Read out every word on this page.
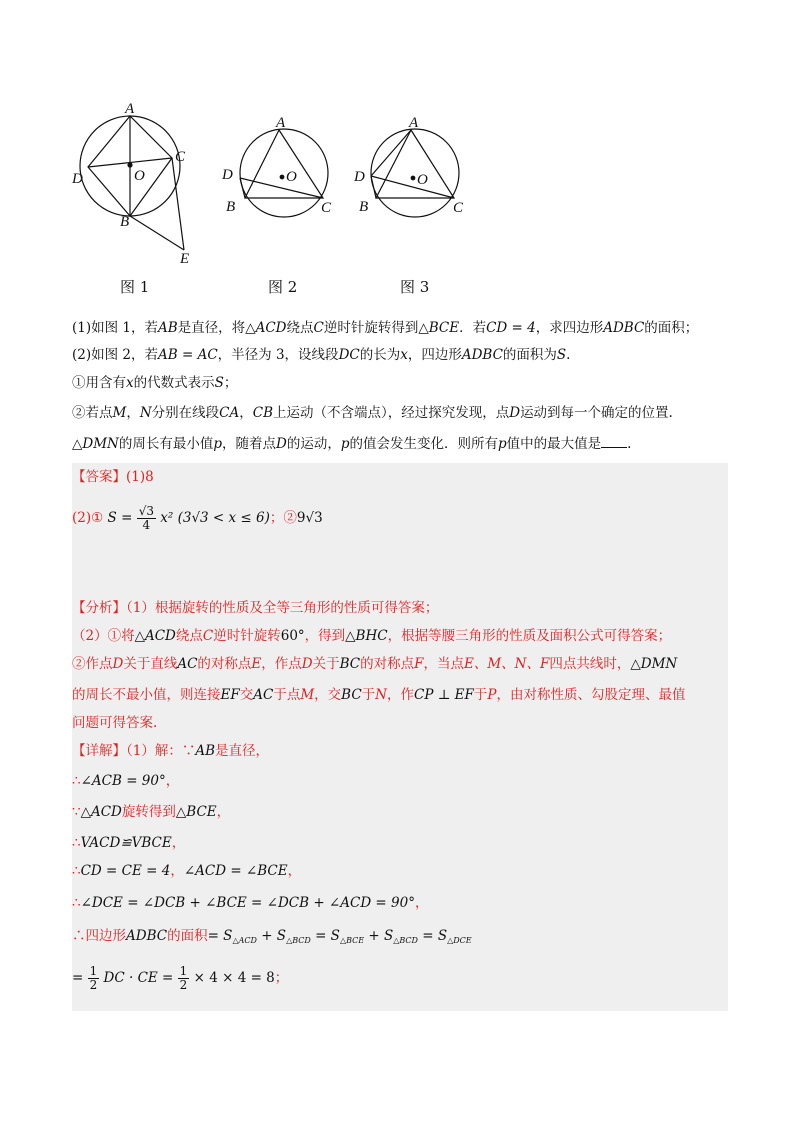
A
C
D	O
B
E
A
D	O
B	C
A
D	O
B	C
图 1	图 2	图 3
(1)如图 1，若AB是直径，将△ACD绕点C逆时针旋转得到△BCE．若CD = 4，求四边形ADBC的面积；
(2)如图 2，若AB = AC，半径为 3，设线段DC的长为x，四边形ADBC的面积为S.
①用含有x的代数式表示S；
②若点M，N分别在线段CA，CB上运动（不含端点），经过探究发现，点D运动到每一个确定的位置.
△DMN的周长有最小值p，随着点D的运动，p的值会发生变化．则所有p值中的最大值是 .
【答案】(1)8
(2)① $S = \frac{√3}{4} x^2$ (3√3 < x ≤ 6)；②9√3
【分析】（1）根据旋转的性质及全等三角形的性质可得答案；
（2）①将△ACD绕点C逆时针旋转60°，得到△BHC，根据等腰三角形的性质及面积公式可得答案；
②作点D关于直线AC的对称点E，作点D关于BC的对称点F，当点E、M、N、F四点共线时，△DMN
的周长不最小值，则连接EF交AC于点M，交BC于N，作CP ⊥ EF于P，由对称性质、勾股定理、最值
问题可得答案.
【详解】（1）解：∵AB是直径，
∴∠ACB = 90°，
∵△ACD旋转得到△BCE，
∴VACD≌VBCE，
∴CD = CE = 4，∠ACD = ∠BCE，
∴∠DCE = ∠DCB + ∠BCE = ∠DCB + ∠ACD = 90°，
∴四边形ADBC的面积= $S_{\triangle ACD} + S_{\triangle BCD} = S_{\triangle BCE} + S_{\triangle BCD} = S_{\triangle DCE}$
= $\frac{1}{2}$ DC · CE = $\frac{1}{2} \times 4 \times 4 = 8$；
